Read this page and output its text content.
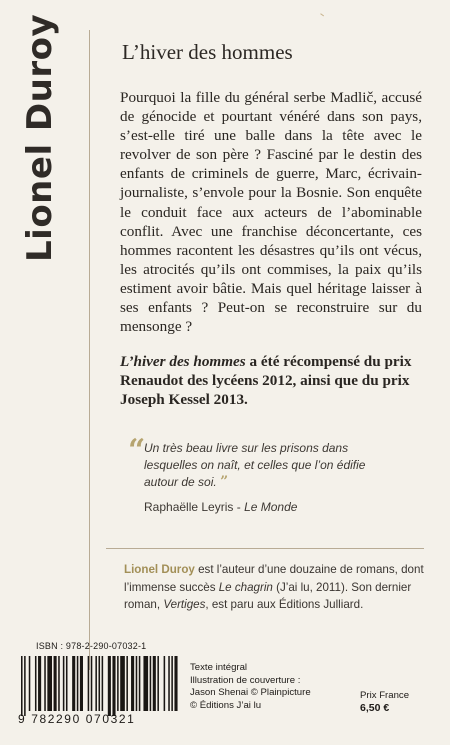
Lionel Duroy	L’hiver des hommes

Pourquoi la fille du général serbe Madlič, accusé de génocide et pourtant vénéré dans son pays, s’est-elle tiré une balle dans la tête avec le revolver de son père ? Fasciné par le destin des enfants de criminels de guerre, Marc, écrivain-journaliste, s’envole pour la Bosnie. Son enquête le conduit face aux acteurs de l’abominable conflit. Avec une franchise déconcertante, ces hommes racontent les désastres qu’ils ont vécus, les atrocités qu’ils ont commises, la paix qu’ils estiment avoir bâtie. Mais quel héritage laisser à ses enfants ? Peut-on se reconstruire sur du mensonge ?

L’hiver des hommes a été récompensé du prix Renaudot des lycéens 2012, ainsi que du prix Joseph Kessel 2013.

“

Un très beau livre sur les prisons dans lesquelles on naît, et celles que l’on édifie autour de soi. ”

Raphaëlle Leyris - Le Monde

Lionel Duroy est l’auteur d’une douzaine de romans, dont l’immense succès Le chagrin (J’ai lu, 2011). Son dernier roman, Vertiges, est paru aux Éditions Julliard.

ISBN : 978-2-290-07032-1
9 782290 070321
Texte intégral
Illustration de couverture :
Jason Shenai © Plainpicture
© Éditions J’ai lu
Prix France
6,50 €
